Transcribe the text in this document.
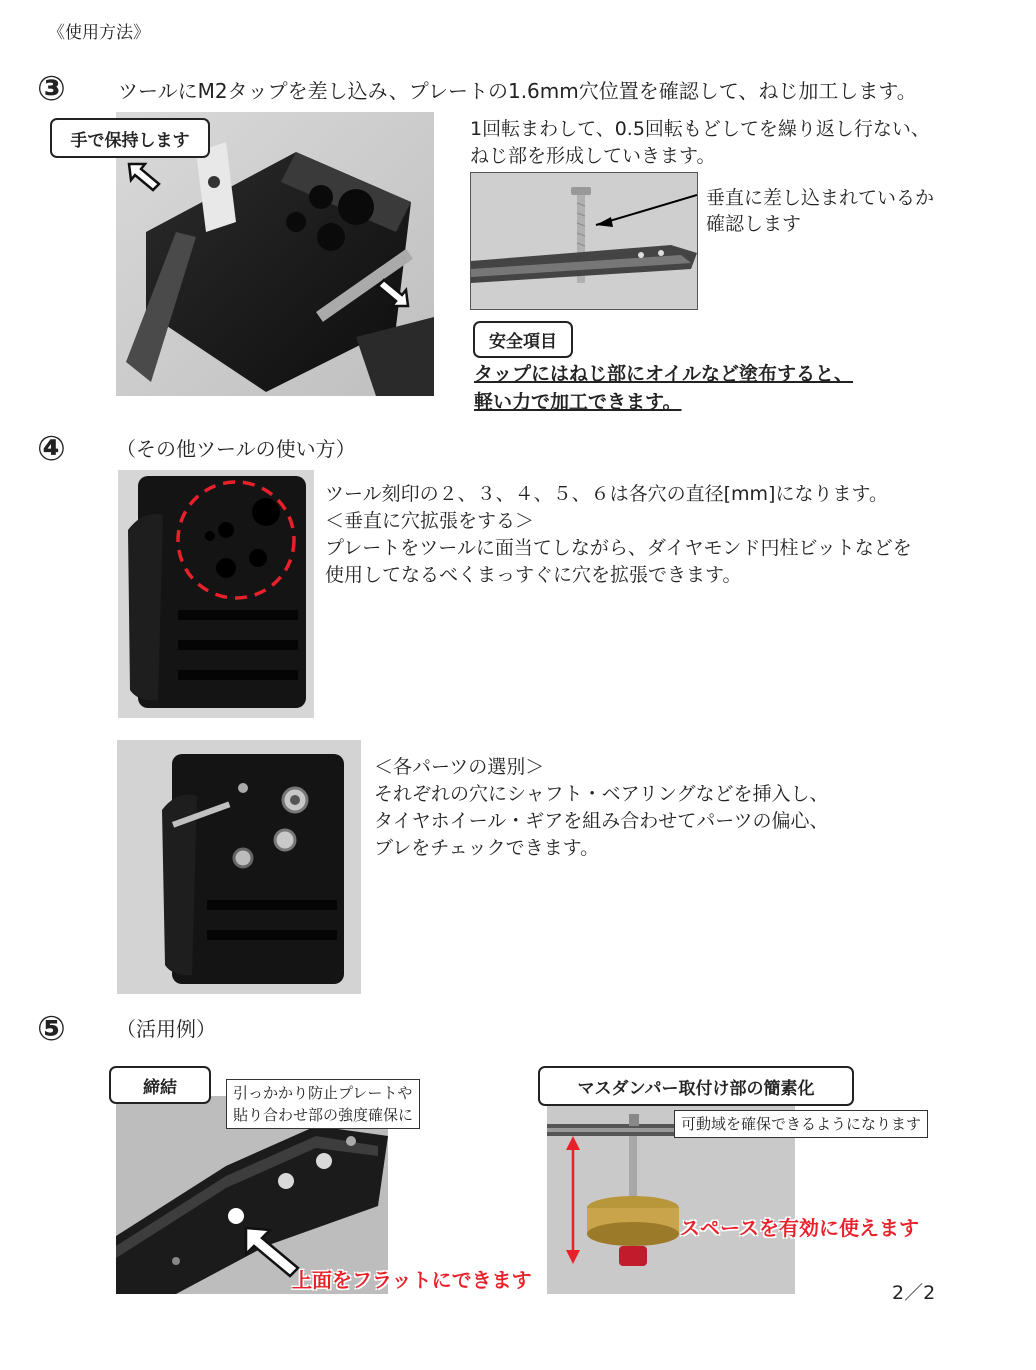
《使用方法》
③	ツールにM2タップを差し込み、プレートの1.6mm穴位置を確認して、ねじ加工します。
手で保持します
1回転まわして、0.5回転もどしてを繰り返し行ない、
ねじ部を形成していきます。
垂直に差し込まれているか
確認します
安全項目
タップにはねじ部にオイルなど塗布すると、
軽い力で加工できます。
④	（その他ツールの使い方）
ツール刻印の２、３、４、５、６は各穴の直径[mm]になります。
＜垂直に穴拡張をする＞
プレートをツールに面当てしながら、ダイヤモンド円柱ビットなどを
使用してなるべくまっすぐに穴を拡張できます。
＜各パーツの選別＞
それぞれの穴にシャフト・ベアリングなどを挿入し、
タイヤホイール・ギアを組み合わせてパーツの偏心、
ブレをチェックできます。
⑤	（活用例）
締結	引っかかり防止プレートや
貼り合わせ部の強度確保に
上面をフラットにできます
マスダンパー取付け部の簡素化
可動域を確保できるようになります
スペースを有効に使えます
2／2
